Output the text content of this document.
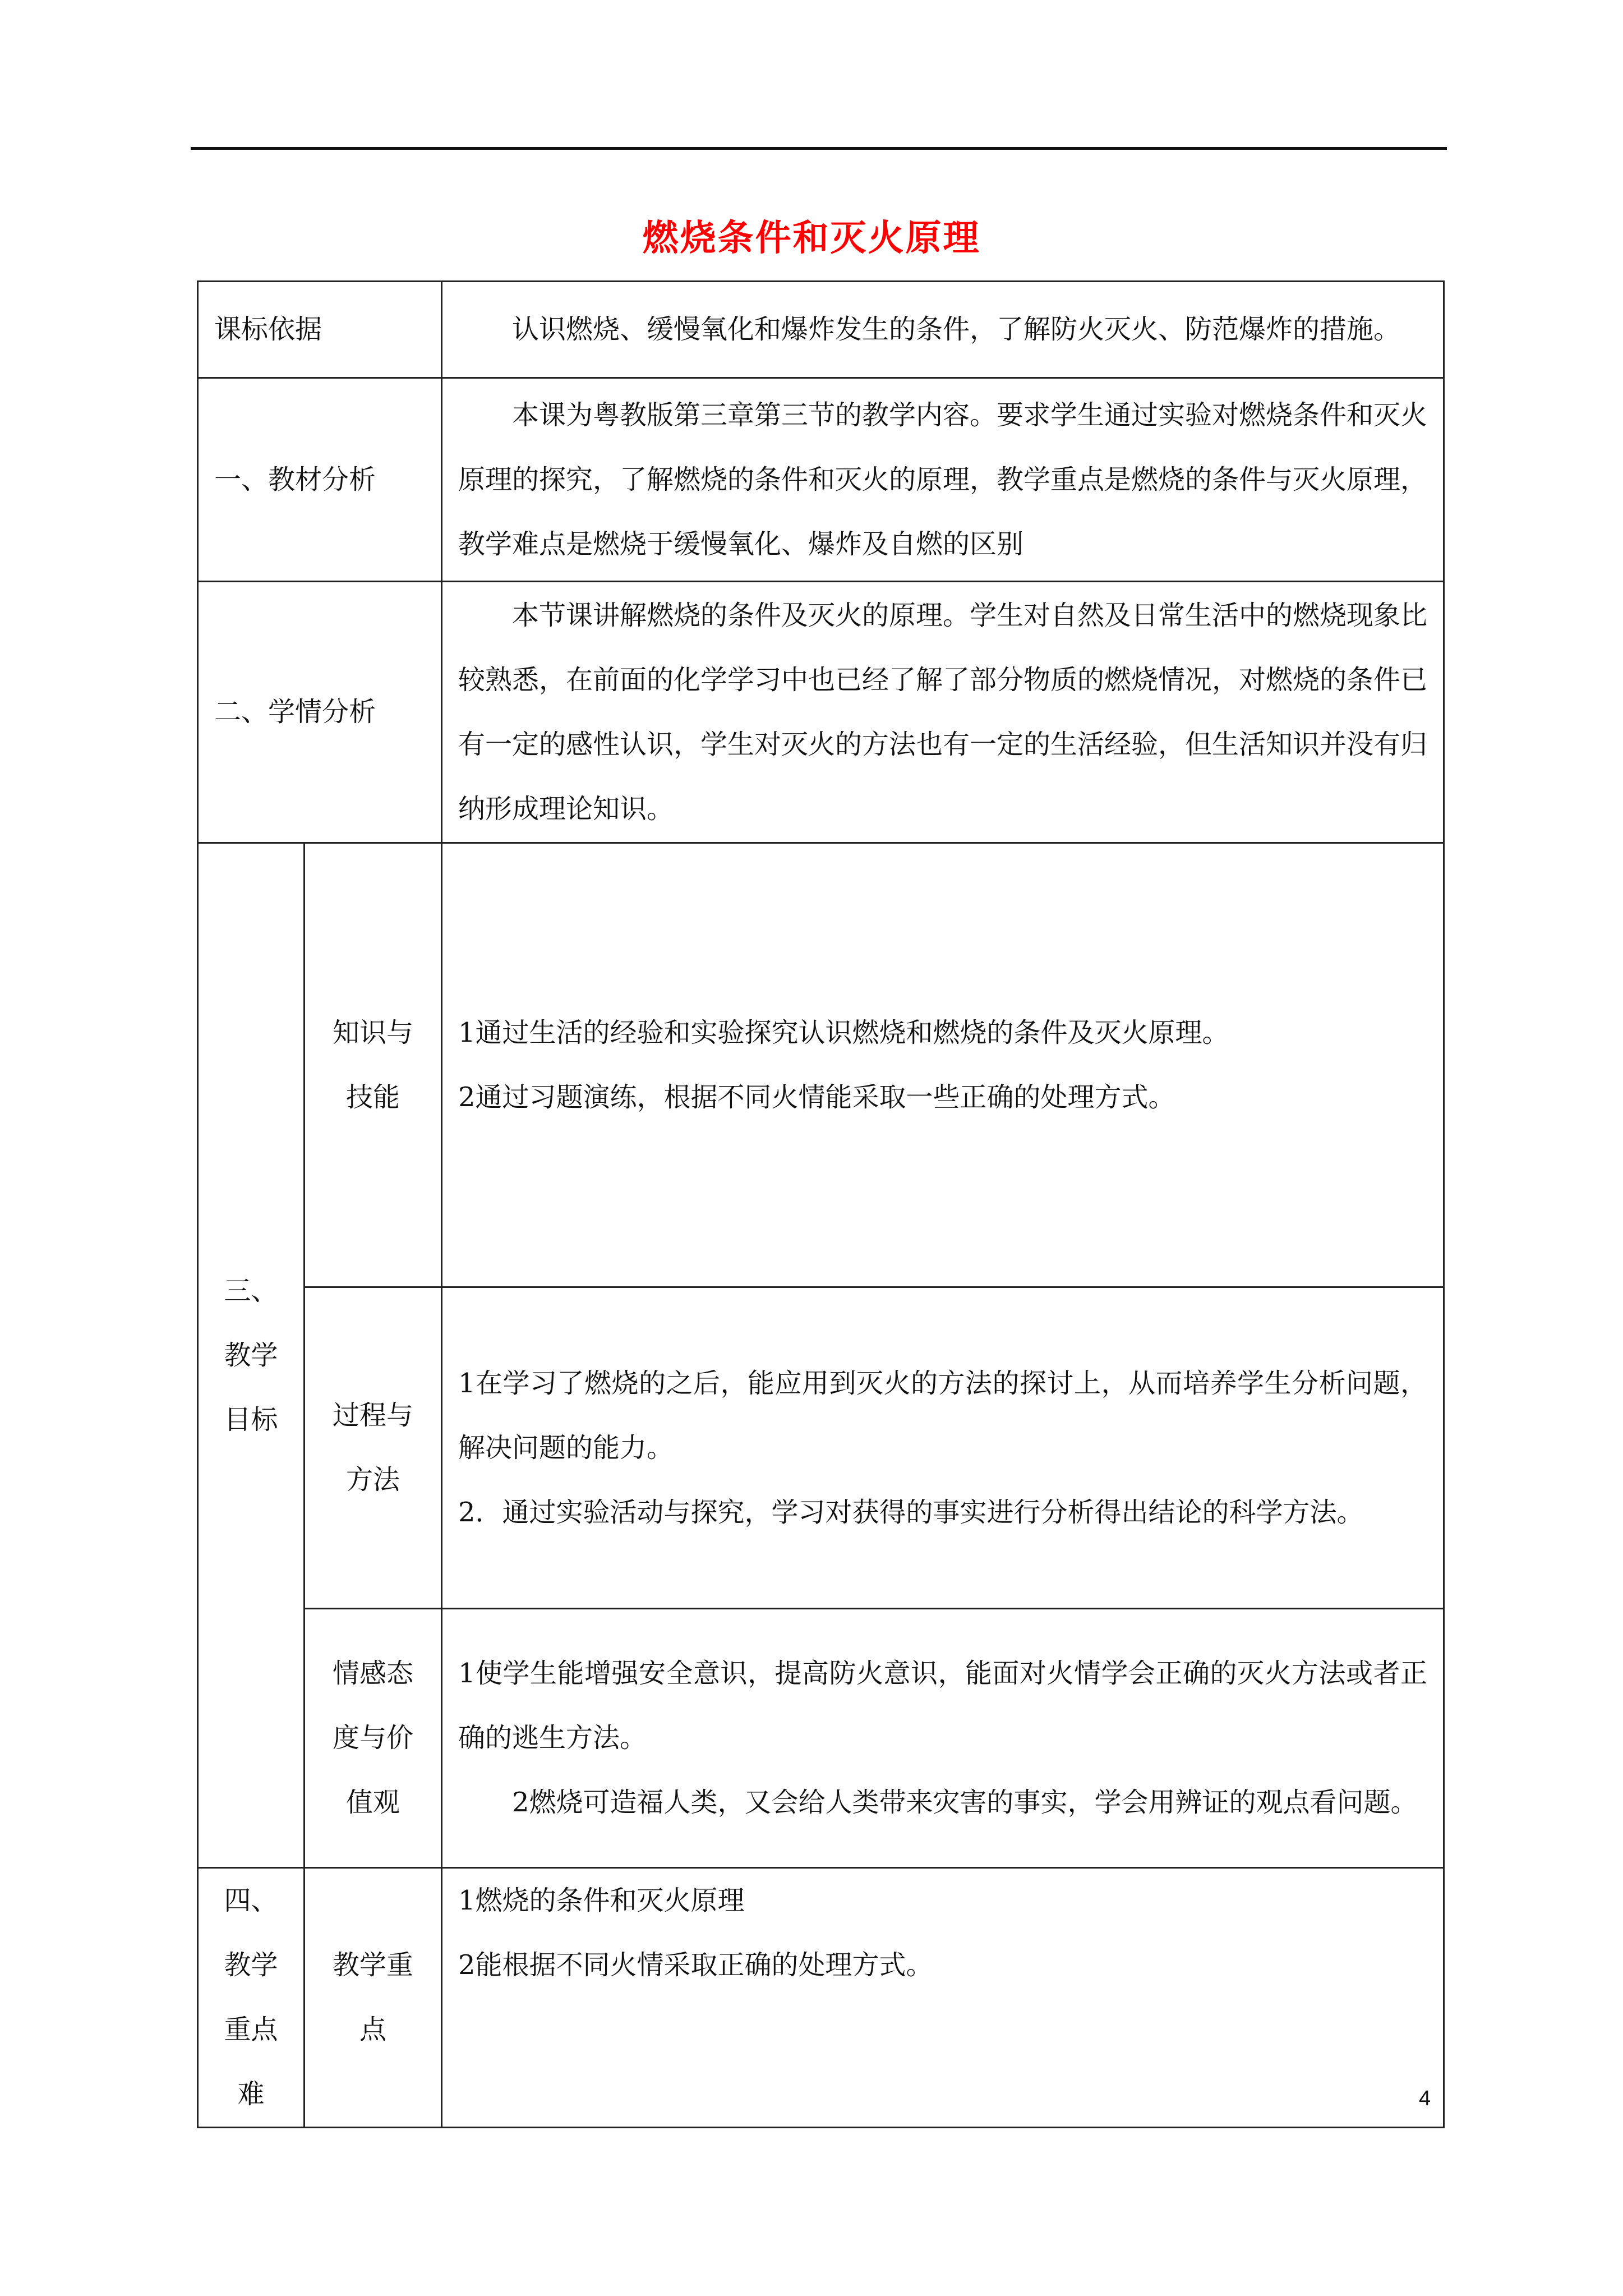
燃烧条件和灭火原理
课标依据		认识燃烧、缓慢氧化和爆炸发生的条件，了解防火灭火、防范爆炸的措施。
一、教材分析		本课为粤教版第三章第三节的教学内容。要求学生通过实验对燃烧条件和灭火原理的探究，了解燃烧的条件和灭火的原理，教学重点是燃烧的条件与灭火原理，教学难点是燃烧于缓慢氧化、爆炸及自燃的区别
二、学情分析		本节课讲解燃烧的条件及灭火的原理。学生对自然及日常生活中的燃烧现象比较熟悉，在前面的化学学习中也已经了解了部分物质的燃烧情况，对燃烧的条件已有一定的感性认识，学生对灭火的方法也有一定的生活经验，但生活知识并没有归纳形成理论知识。
三、教学目标	知识与技能	1通过生活的经验和实验探究认识燃烧和燃烧的条件及灭火原理。

2通过习题演练，根据不同火情能采取一些正确的处理方式。

	过程与方法	1在学习了燃烧的之后，能应用到灭火的方法的探讨上，从而培养学生分析问题，解决问题的能力。

2．通过实验活动与探究，学习对获得的事实进行分析得出结论的科学方法。

	情感态度与价值观	1使学生能增强安全意识，提高防火意识，能面对火情学会正确的灭火方法或者正确的逃生方法。

2燃烧可造福人类，又会给人类带来灾害的事实，学会用辨证的观点看问题。

四、教学重点难	教学重点	1燃烧的条件和灭火原理

2能根据不同火情采取正确的处理方式。

4
